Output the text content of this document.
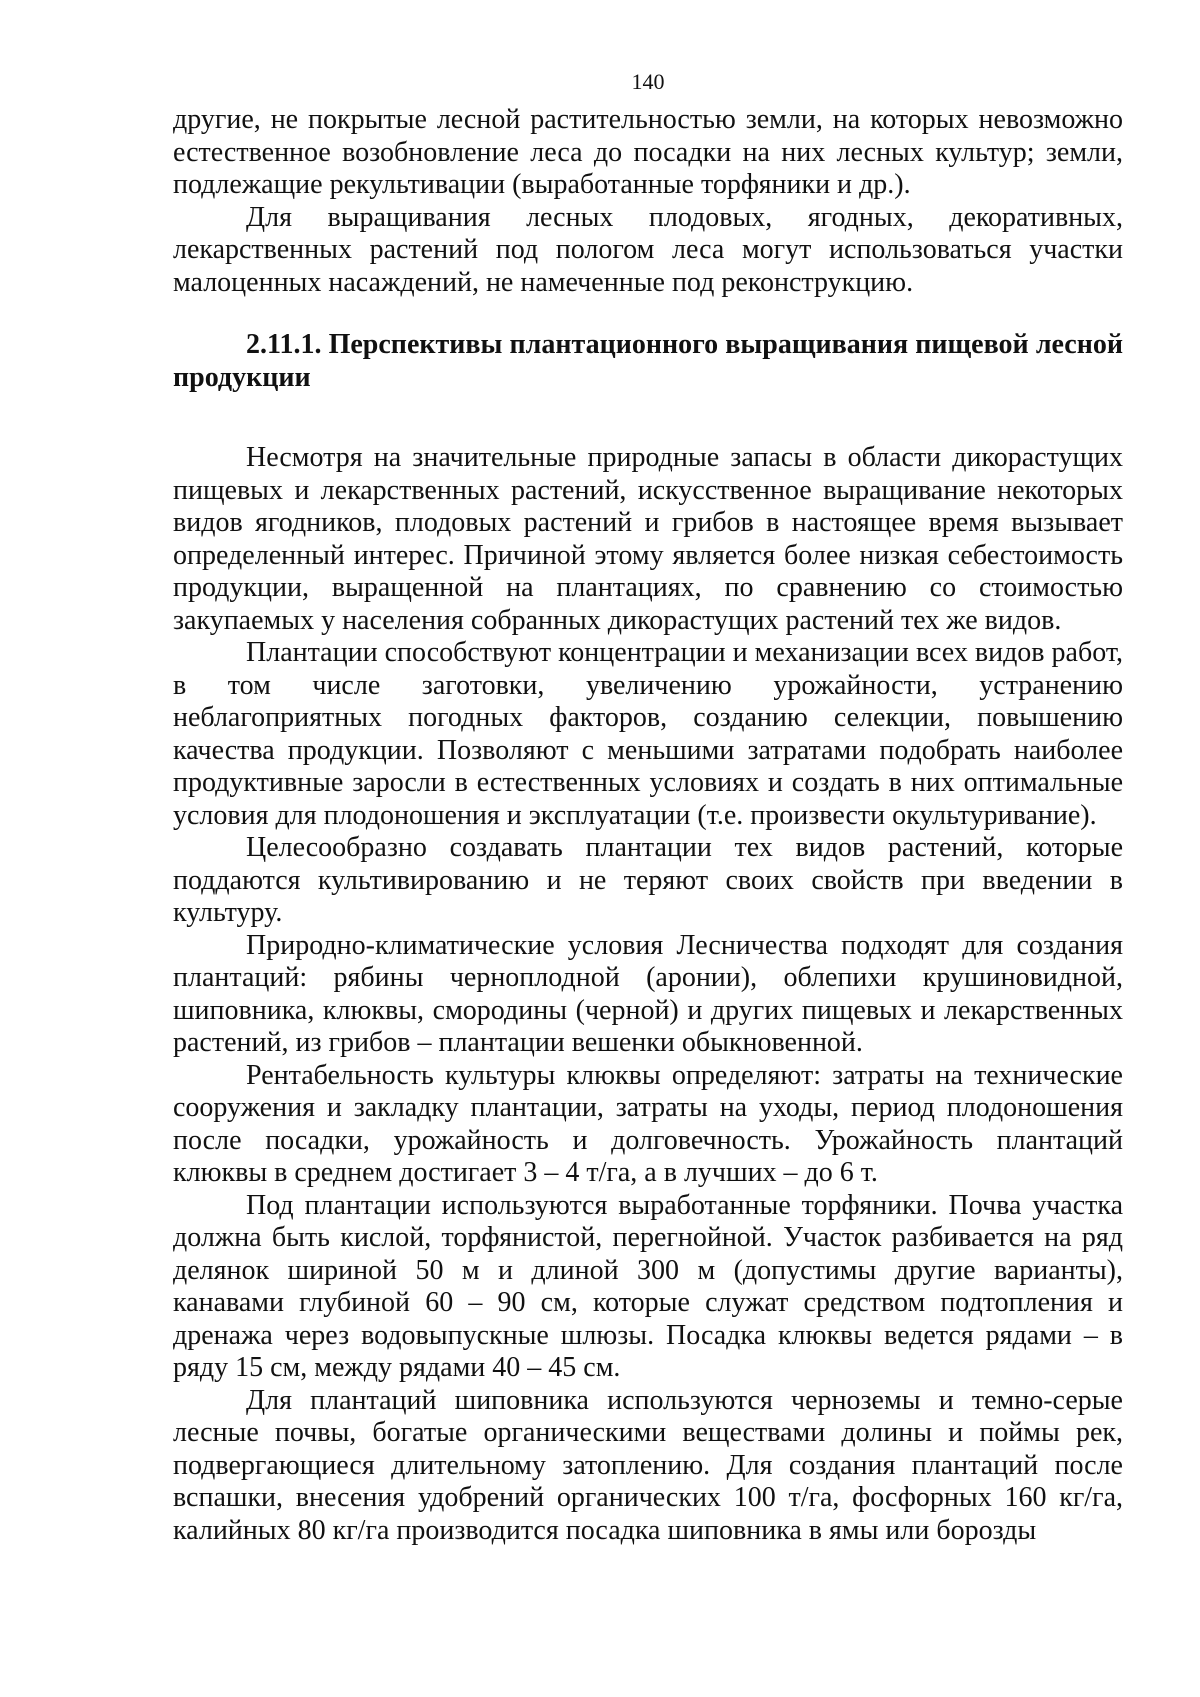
140

другие, не покрытые лесной растительностью земли, на которых невозможно естественное возобновление леса до посадки на них лесных культур; земли, подлежащие рекультивации (выработанные торфяники и др.).

Для выращивания лесных плодовых, ягодных, декоративных, лекарственных растений под пологом леса могут использоваться участки малоценных насаждений, не намеченные под реконструкцию.

2.11.1. Перспективы плантационного выращивания пищевой лесной продукции

Несмотря на значительные природные запасы в области дикорастущих пищевых и лекарственных растений, искусственное выращивание некоторых видов ягодников, плодовых растений и грибов в настоящее время вызывает определенный интерес. Причиной этому является более низкая себестоимость продукции, выращенной на плантациях, по сравнению со стоимостью закупаемых у населения собранных дикорастущих растений тех же видов.

Плантации способствуют концентрации и механизации всех видов работ, в том числе заготовки, увеличению урожайности, устранению неблагоприятных погодных факторов, созданию селекции, повышению качества продукции. Позволяют с меньшими затратами подобрать наиболее продуктивные заросли в естественных условиях и создать в них оптимальные условия для плодоношения и эксплуатации (т.е. произвести окультуривание).

Целесообразно создавать плантации тех видов растений, которые поддаются культивированию и не теряют своих свойств при введении в культуру.

Природно-климатические условия Лесничества подходят для создания плантаций: рябины черноплодной (аронии), облепихи крушиновидной, шиповника, клюквы, смородины (черной) и других пищевых и лекарственных растений, из грибов – плантации вешенки обыкновенной.

Рентабельность культуры клюквы определяют: затраты на технические сооружения и закладку плантации, затраты на уходы, период плодоношения после посадки, урожайность и долговечность. Урожайность плантаций клюквы в среднем достигает 3 – 4 т/га, а в лучших – до 6 т.

Под плантации используются выработанные торфяники. Почва участка должна быть кислой, торфянистой, перегнойной. Участок разбивается на ряд делянок шириной 50 м и длиной 300 м (допустимы другие варианты), канавами глубиной 60 – 90 см, которые служат средством подтопления и дренажа через водовыпускные шлюзы. Посадка клюквы ведется рядами – в ряду 15 см, между рядами 40 – 45 см.

Для плантаций шиповника используются черноземы и темно-серые лесные почвы, богатые органическими веществами долины и поймы рек, подвергающиеся длительному затоплению. Для создания плантаций после вспашки, внесения удобрений органических 100 т/га, фосфорных 160 кг/га, калийных 80 кг/га производится посадка шиповника в ямы или борозды
